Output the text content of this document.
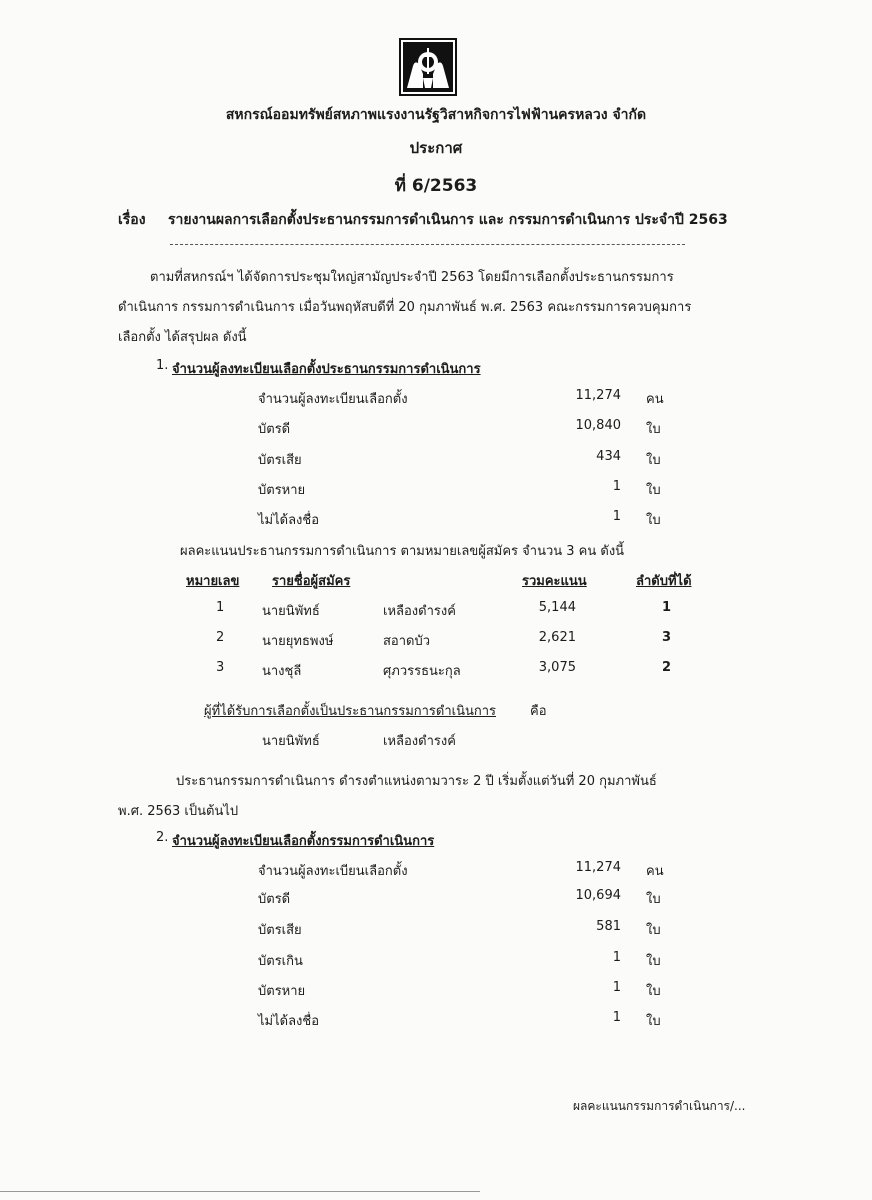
สหกรณ์ออมทรัพย์สหภาพแรงงานรัฐวิสาหกิจการไฟฟ้านครหลวง จำกัด
ประกาศ
ที่ 6/2563
เรื่อง รายงานผลการเลือกตั้งประธานกรรมการดำเนินการ และ กรรมการดำเนินการ ประจำปี 2563
ตามที่สหกรณ์ฯ ได้จัดการประชุมใหญ่สามัญประจำปี 2563 โดยมีการเลือกตั้งประธานกรรมการ
ดำเนินการ กรรมการดำเนินการ เมื่อวันพฤหัสบดีที่ 20 กุมภาพันธ์ พ.ศ. 2563 คณะกรรมการควบคุมการ
เลือกตั้ง ได้สรุปผล ดังนี้
1. จำนวนผู้ลงทะเบียนเลือกตั้งประธานกรรมการดำเนินการ
จำนวนผู้ลงทะเบียนเลือกตั้ง	11,274 คน
บัตรดี	10,840 ใบ
บัตรเสีย	434 ใบ
บัตรหาย	1 ใบ
ไม่ได้ลงชื่อ	1 ใบ
ผลคะแนนประธานกรรมการดำเนินการ ตามหมายเลขผู้สมัคร จำนวน 3 คน ดังนี้
หมายเลข	รายชื่อผู้สมัคร	รวมคะแนน	ลำดับที่ได้
1	นายนิพัทธ์	เหลืองดำรงค์	5,144	1
2	นายยุทธพงษ์	สอาดบัว	2,621	3
3	นางชุลี	ศุภวรรธนะกุล	3,075	2
ผู้ที่ได้รับการเลือกตั้งเป็นประธานกรรมการดำเนินการ	คือ
นายนิพัทธ์	เหลืองดำรงค์
ประธานกรรมการดำเนินการ ดำรงตำแหน่งตามวาระ 2 ปี เริ่มตั้งแต่วันที่ 20 กุมภาพันธ์
พ.ศ. 2563 เป็นต้นไป
2. จำนวนผู้ลงทะเบียนเลือกตั้งกรรมการดำเนินการ
จำนวนผู้ลงทะเบียนเลือกตั้ง	11,274 คน
บัตรดี	10,694 ใบ
บัตรเสีย	581 ใบ
บัตรเกิน	1 ใบ
บัตรหาย	1 ใบ
ไม่ได้ลงชื่อ	1 ใบ
ผลคะแนนกรรมการดำเนินการ/...
